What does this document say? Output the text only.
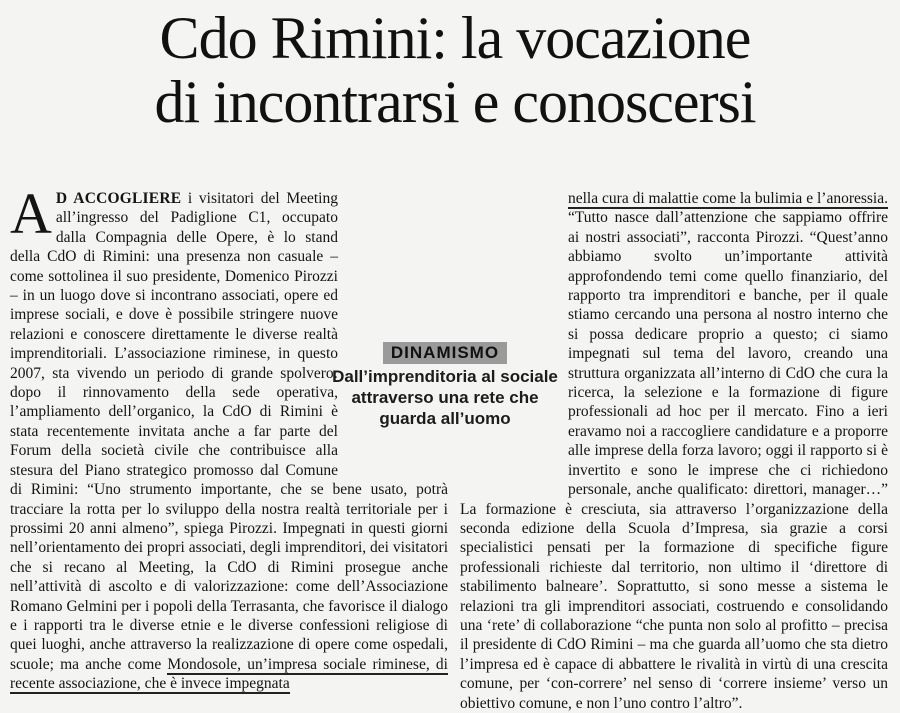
Cdo Rimini: la vocazione
di incontrarsi e conoscersi

A D ACCOGLIERE i visitatori del Meeting all’ingresso del Padiglione C1, occupato dalla Compagnia delle Opere, è lo stand della CdO di Rimini: una presenza non casuale – come sottolinea il suo presidente, Domenico Pirozzi – in un luogo dove si incontrano associati, opere ed imprese sociali, e dove è possibile stringere nuove relazioni e conoscere direttamente le diverse realtà imprenditoriali. L’associazione riminese, in questo 2007, sta vivendo un periodo di grande spolvero: dopo il rinnovamento della sede operativa, l’ampliamento dell’organico, la CdO di Rimini è stata recentemente invitata anche a far parte del Forum della società civile che contribuisce alla stesura del Piano strategico promosso dal Comune di Rimini: “Uno strumento importante, che se bene usato, potrà tracciare la rotta per lo sviluppo della nostra realtà territoriale per i prossimi 20 anni almeno”, spiega Pirozzi. Impegnati in questi giorni nell’orientamento dei propri associati, degli imprenditori, dei visitatori che si recano al Meeting, la CdO di Rimini prosegue anche nell’attività di ascolto e di valorizzazione: come dell’Associazione Romano Gelmini per i popoli della Terrasanta, che favorisce il dialogo e i rapporti tra le diverse etnie e le diverse confessioni religiose di quei luoghi, anche attraverso la realizzazione di opere come ospedali, scuole; ma anche come Mondosole, un’impresa sociale riminese, di recente associazione, che è invece impegnata

nella cura di malattie come la bulimia e l’anoressia. “Tutto nasce dall’attenzione che sappiamo offrire ai nostri associati”, racconta Pirozzi. “Quest’anno abbiamo svolto un’importante attività approfondendo temi come quello finanziario, del rapporto tra imprenditori e banche, per il quale stiamo cercando una persona al nostro interno che si possa dedicare proprio a questo; ci siamo impegnati sul tema del lavoro, creando una struttura organizzata all’interno di CdO che cura la ricerca, la selezione e la formazione di figure professionali ad hoc per il mercato. Fino a ieri eravamo noi a raccogliere candidature e a proporre alle imprese della forza lavoro; oggi il rapporto si è invertito e sono le imprese che ci richiedono personale, anche qualificato: direttori, manager…” La formazione è cresciuta, sia attraverso l’organizzazione della seconda edizione della Scuola d’Impresa, sia grazie a corsi specialistici pensati per la formazione di specifiche figure professionali richieste dal territorio, non ultimo il ‘direttore di stabilimento balneare’. Soprattutto, si sono messe a sistema le relazioni tra gli imprenditori associati, costruendo e consolidando una ‘rete’ di collaborazione “che punta non solo al profitto – precisa il presidente di CdO Rimini – ma che guarda all’uomo che sta dietro l’impresa ed è capace di abbattere le rivalità in virtù di una crescita comune, per ‘con-correre’ nel senso di ‘correre insieme’ verso un obiettivo comune, e non l’uno contro l’altro”.

DINAMISMO
Dall’imprenditoria al sociale attraverso una rete che guarda all’uomo
